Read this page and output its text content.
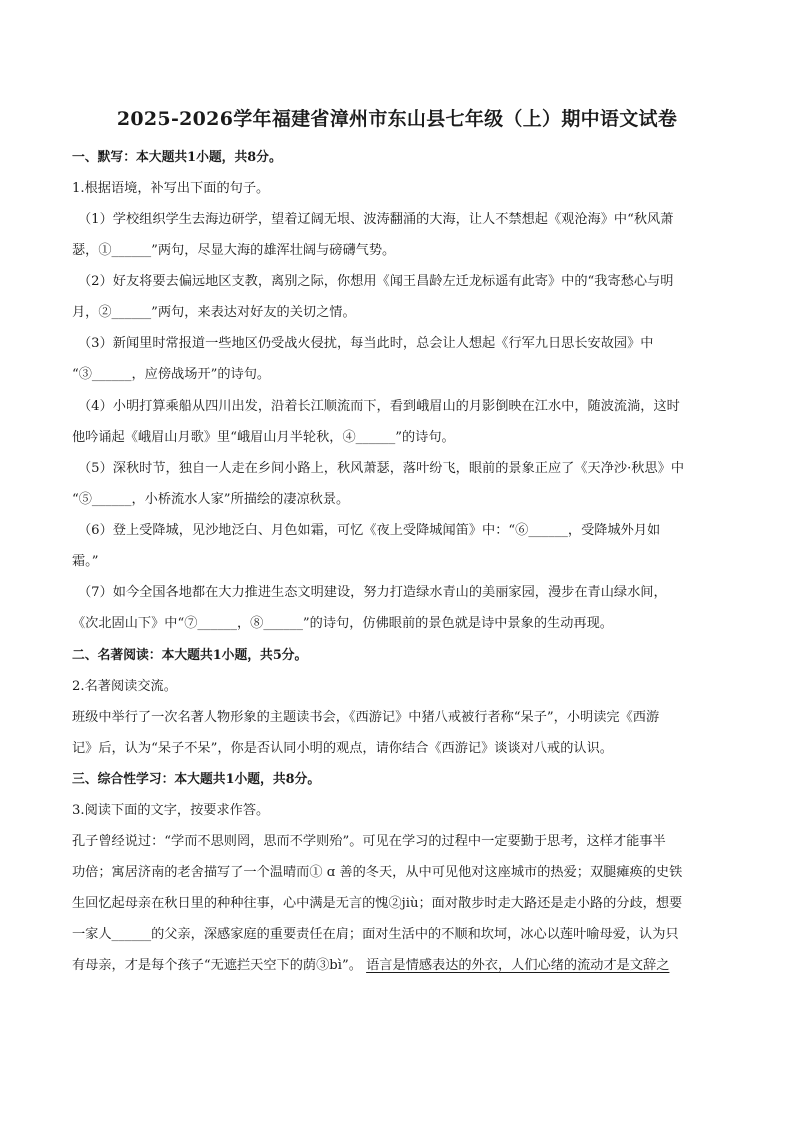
2025-2026学年福建省漳州市东山县七年级（上）期中语文试卷
一、默写：本大题共1小题，共8分。
1.根据语境，补写出下面的句子。
（1）学校组织学生去海边研学，望着辽阔无垠、波涛翻涌的大海，让人不禁想起《观沧海》中“秋风萧
瑟，①______”两句，尽显大海的雄浑壮阔与磅礴气势。
（2）好友将要去偏远地区支教，离别之际，你想用《闻王昌龄左迁龙标遥有此寄》中的“我寄愁心与明
月，②______”两句，来表达对好友的关切之情。
（3）新闻里时常报道一些地区仍受战火侵扰，每当此时，总会让人想起《行军九日思长安故园》中
“③______，应傍战场开”的诗句。
（4）小明打算乘船从四川出发，沿着长江顺流而下，看到峨眉山的月影倒映在江水中，随波流淌，这时
他吟诵起《峨眉山月歌》里“峨眉山月半轮秋，④______”的诗句。
（5）深秋时节，独自一人走在乡间小路上，秋风萧瑟，落叶纷飞，眼前的景象正应了《天净沙·秋思》中
“⑤______，小桥流水人家”所描绘的凄凉秋景。
（6）登上受降城，见沙地泛白、月色如霜，可忆《夜上受降城闻笛》中：“⑥______，受降城外月如
霜。”
（7）如今全国各地都在大力推进生态文明建设，努力打造绿水青山的美丽家园，漫步在青山绿水间，
《次北固山下》中“⑦______，⑧______”的诗句，仿佛眼前的景色就是诗中景象的生动再现。
二、名著阅读：本大题共1小题，共5分。
2.名著阅读交流。
班级中举行了一次名著人物形象的主题读书会，《西游记》中猪八戒被行者称“呆子”，小明读完《西游
记》后，认为“呆子不呆”，你是否认同小明的观点，请你结合《西游记》谈谈对八戒的认识。
三、综合性学习：本大题共1小题，共8分。
3.阅读下面的文字，按要求作答。
孔子曾经说过：“学而不思则罔，思而不学则殆”。可见在学习的过程中一定要勤于思考，这样才能事半
功倍；寓居济南的老舍描写了一个温晴而① ɑ 善的冬天，从中可见他对这座城市的热爱；双腿瘫痪的史铁
生回忆起母亲在秋日里的种种往事，心中满是无言的愧②jiù；面对散步时走大路还是走小路的分歧，想要
一家人______的父亲，深感家庭的重要责任在肩；面对生活中的不顺和坎坷，冰心以莲叶喻母爱，认为只
有母亲，才是每个孩子“无遮拦天空下的荫③bì”。 语言是情感表达的外衣，人们心绪的流动才是文辞之
